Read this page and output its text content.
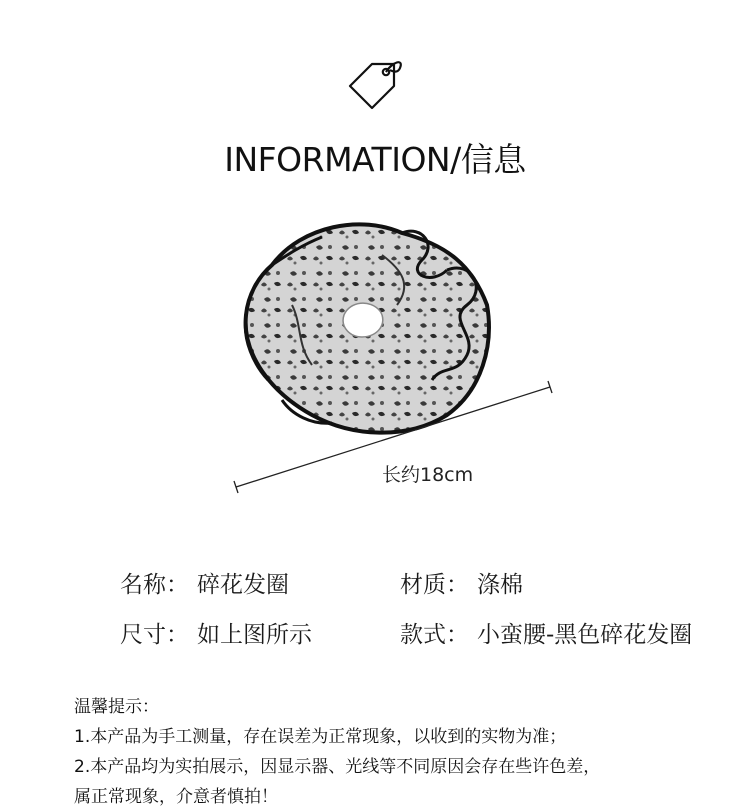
INFORMATION/信息
长约18cm
名称： 碎花发圈	材质： 涤棉
尺寸： 如上图所示	款式： 小蛮腰-黑色碎花发圈
温馨提示：
1.本产品为手工测量，存在误差为正常现象，以收到的实物为准；
2.本产品均为实拍展示，因显示器、光线等不同原因会存在些许色差，
属正常现象，介意者慎拍！
